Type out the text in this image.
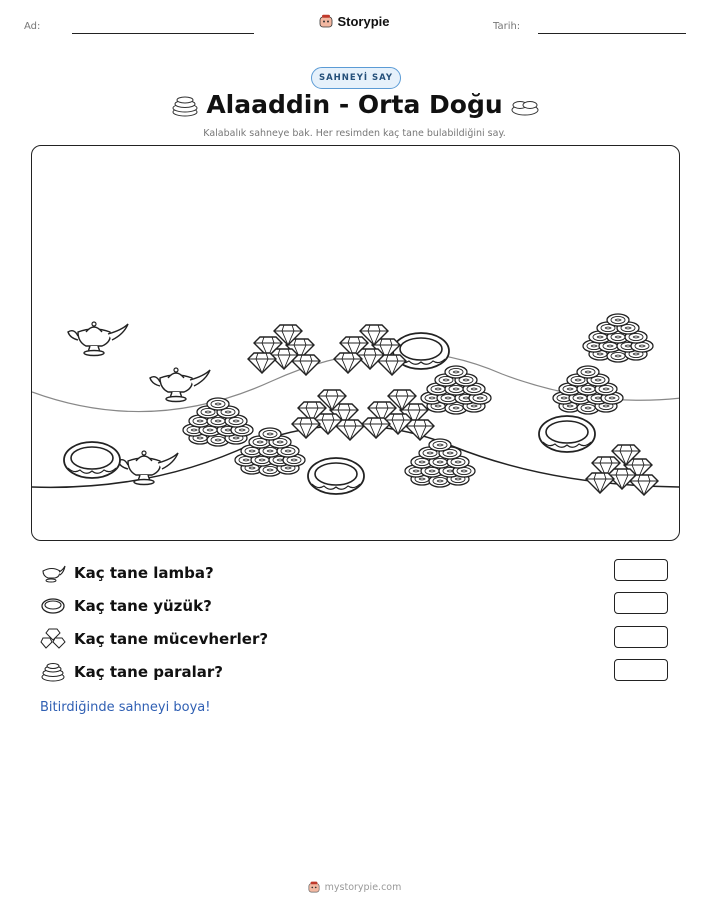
Ad:	Storypie	Tarih:
SAHNEYİ SAY
Alaaddin - Orta Doğu
Kalabalık sahneye bak. Her resimden kaç tane bulabildiğini say.
Kaç tane lamba?
Kaç tane yüzük?
Kaç tane mücevherler?
Kaç tane paralar?
Bitirdiğinde sahneyi boya!
mystorypie.com
